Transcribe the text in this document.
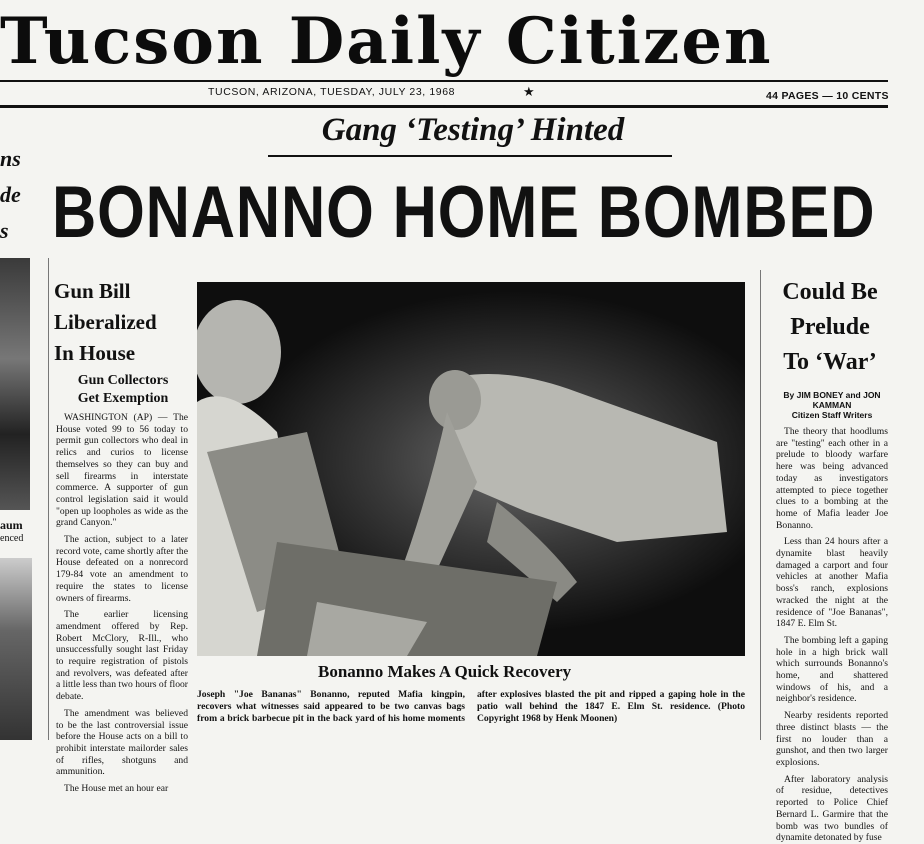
Tucson Daily Citizen
TUCSON, ARIZONA, TUESDAY, JULY 23, 1968	★	44 PAGES — 10 CENTS
Gang ‘Testing’ Hinted
BONANNO HOME BOMBED
ns
de
s
aum
enced
Gun Bill
Liberalized
In House
Gun Collectors
Get Exemption

WASHINGTON (AP) — The House voted 99 to 56 today to permit gun collectors who deal in relics and curios to license themselves so they can buy and sell firearms in interstate commerce. A supporter of gun control legislation said it would "open up loopholes as wide as the grand Canyon."

The action, subject to a later record vote, came shortly after the House defeated on a nonrecord 179-84 vote an amendment to require the states to license owners of firearms.

The earlier licensing amendment offered by Rep. Robert McClory, R-Ill., who unsuccessfully sought last Friday to require registration of pistols and revolvers, was defeated after a little less than two hours of floor debate.

The amendment was believed to be the last controversial issue before the House acts on a bill to prohibit interstate mailorder sales of rifles, shotguns and ammunition.

The House met an hour ear

Bonanno Makes A Quick Recovery
Joseph "Joe Bananas" Bonanno, reputed Mafia kingpin, recovers what witnesses said appeared to be two canvas bags from a brick barbecue pit in the back yard of his home moments after explosives blasted the pit and ripped a gaping hole in the patio wall behind the 1847 E. Elm St. residence. (Photo Copyright 1968 by Henk Moonen)
Could Be
Prelude
To ‘War’
By JIM BONEY and JON
KAMMAN
Citizen Staff Writers

The theory that hoodlums are "testing" each other in a prelude to bloody warfare here was being advanced today as investigators attempted to piece together clues to a bombing at the home of Mafia leader Joe Bonanno.

Less than 24 hours after a dynamite blast heavily damaged a carport and four vehicles at another Mafia boss's ranch, explosions wracked the night at the residence of "Joe Bananas", 1847 E. Elm St.

The bombing left a gaping hole in a high brick wall which surrounds Bonanno's home, and shattered windows of his, and a neighbor's residence.

Nearby residents reported three distinct blasts — the first no louder than a gunshot, and then two larger explosions.

After laboratory analysis of residue, detectives reported to Police Chief Bernard L. Garmire that the bomb was two bundles of dynamite detonated by fuse
